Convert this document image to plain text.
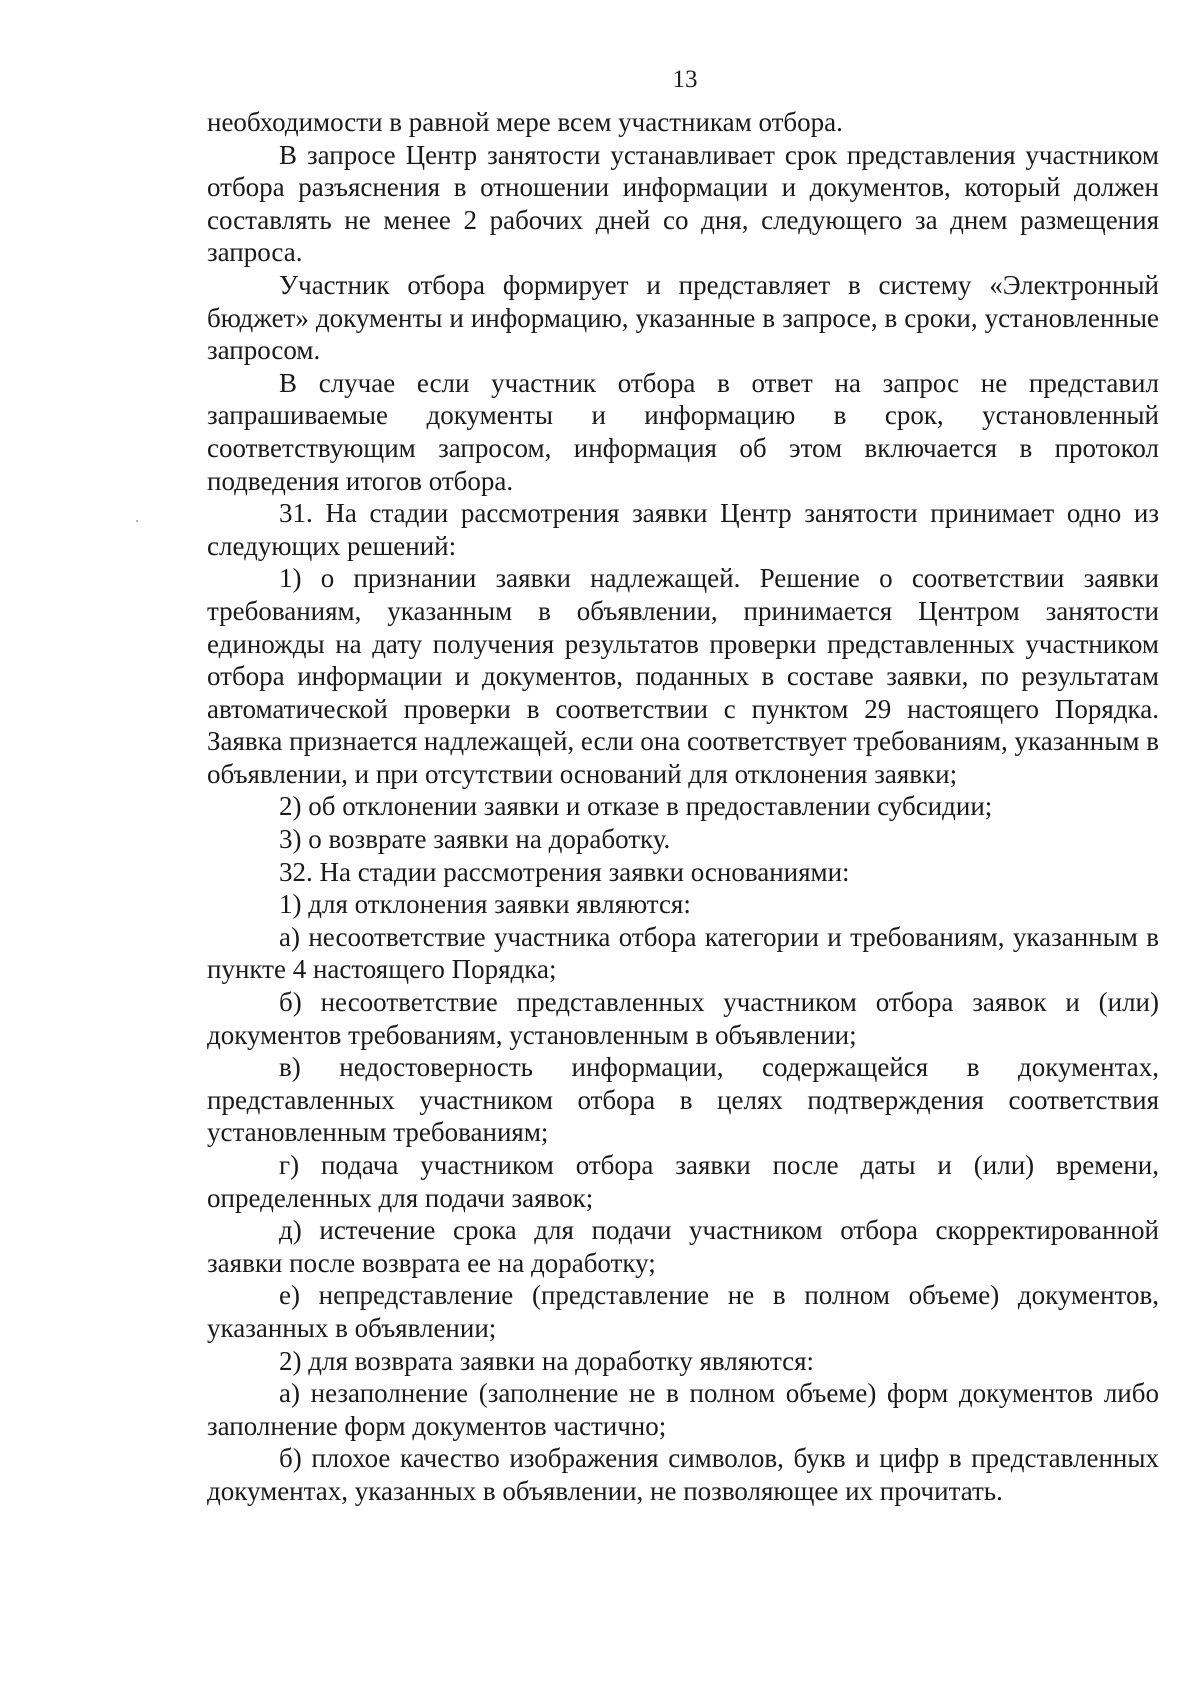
13

необходимости в равной мере всем участникам отбора.

В запросе Центр занятости устанавливает срок представления участником отбора разъяснения в отношении информации и документов, который должен составлять не менее 2 рабочих дней со дня, следующего за днем размещения запроса.

Участник отбора формирует и представляет в систему «Электронный бюджет» документы и информацию, указанные в запросе, в сроки, установленные запросом.

В случае если участник отбора в ответ на запрос не представил запрашиваемые документы и информацию в срок, установленный соответствующим запросом, информация об этом включается в протокол подведения итогов отбора.

31. На стадии рассмотрения заявки Центр занятости принимает одно из следующих решений:

1) о признании заявки надлежащей. Решение о соответствии заявки требованиям, указанным в объявлении, принимается Центром занятости единожды на дату получения результатов проверки представленных участником отбора информации и документов, поданных в составе заявки, по результатам автоматической проверки в соответствии с пунктом 29 настоящего Порядка. Заявка признается надлежащей, если она соответствует требованиям, указанным в объявлении, и при отсутствии оснований для отклонения заявки;

2) об отклонении заявки и отказе в предоставлении субсидии;

3) о возврате заявки на доработку.

32. На стадии рассмотрения заявки основаниями:

1) для отклонения заявки являются:

а) несоответствие участника отбора категории и требованиям, указанным в пункте 4 настоящего Порядка;

б) несоответствие представленных участником отбора заявок и (или) документов требованиям, установленным в объявлении;

в) недостоверность информации, содержащейся в документах, представленных участником отбора в целях подтверждения соответствия установленным требованиям;

г) подача участником отбора заявки после даты и (или) времени, определенных для подачи заявок;

д) истечение срока для подачи участником отбора скорректированной заявки после возврата ее на доработку;

е) непредставление (представление не в полном объеме) документов, указанных в объявлении;

2) для возврата заявки на доработку являются:

а) незаполнение (заполнение не в полном объеме) форм документов либо заполнение форм документов частично;

б) плохое качество изображения символов, букв и цифр в представленных документах, указанных в объявлении, не позволяющее их прочитать.
